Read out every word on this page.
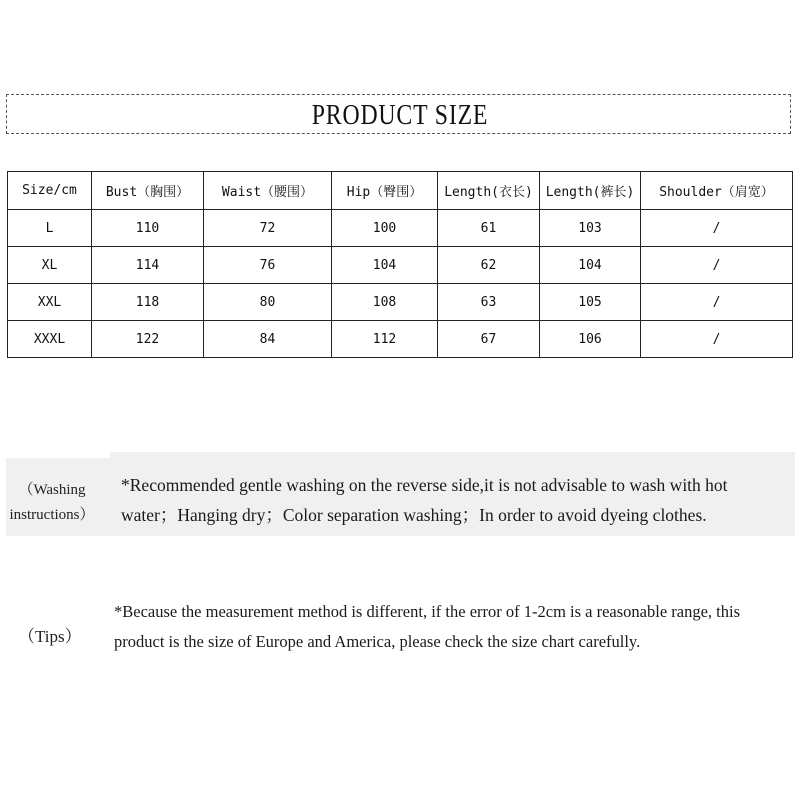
PRODUCT SIZE
Size/cm	Bust（胸围）	Waist（腰围）	Hip（臀围）	Length(衣长)	Length(裤长)	Shoulder（肩宽）
L	110	72	100	61	103	/
XL	114	76	104	62	104	/
XXL	118	80	108	63	105	/
XXXL	122	84	112	67	106	/
（Washing
instructions）
*Recommended gentle washing on the reverse side,it is not advisable to wash with hot water；Hanging dry；Color separation washing；In order to avoid dyeing clothes.
（Tips）
*Because the measurement method is different, if the error of 1-2cm is a reasonable range, this product is the size of Europe and America, please check the size chart carefully.
